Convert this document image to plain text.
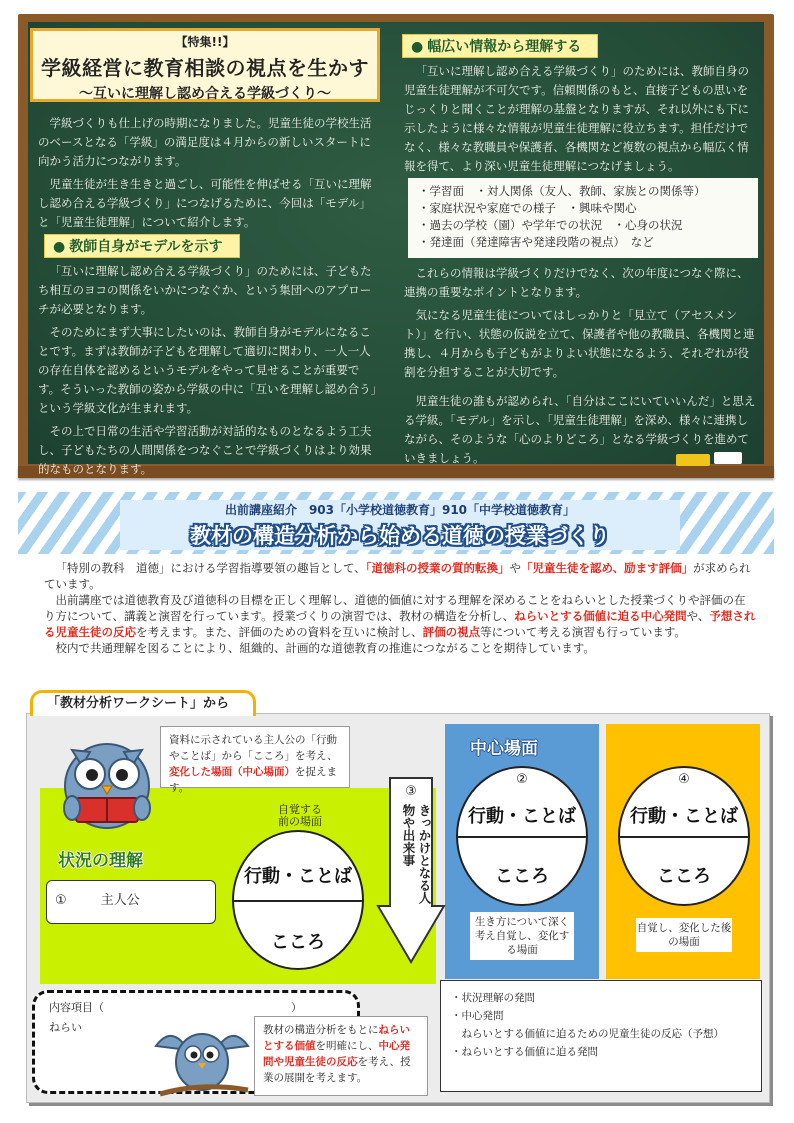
【特集!!】
学級経営に教育相談の視点を生かす
～互いに理解し認め合える学級づくり～

学級づくりも仕上げの時期になりました。児童生徒の学校生活のベースとなる「学級」の満足度は４月からの新しいスタートに向かう活力につながります。

児童生徒が生き生きと過ごし、可能性を伸ばせる「互いに理解し認め合える学級づくり」につなげるために、今回は「モデル」と「児童生徒理解」について紹介します。

● 教師自身がモデルを示す

「互いに理解し認め合える学級づくり」のためには、子どもたち相互のヨコの関係をいかにつなぐか、という集団へのアプローチが必要となります。

そのためにまず大事にしたいのは、教師自身がモデルになることです。まずは教師が子どもを理解して適切に関わり、一人一人の存在自体を認めるというモデルをやって見せることが重要です。そういった教師の姿から学級の中に「互いを理解し認め合う」という学級文化が生まれます。

その上で日常の生活や学習活動が対話的なものとなるよう工夫し、子どもたちの人間関係をつなぐことで学級づくりはより効果的なものとなります。

● 幅広い情報から理解する

「互いに理解し認め合える学級づくり」のためには、教師自身の児童生徒理解が不可欠です。信頼関係のもと、直接子どもの思いをじっくりと聞くことが理解の基盤となりますが、それ以外にも下に示したように様々な情報が児童生徒理解に役立ちます。担任だけでなく、様々な教職員や保護者、各機関など複数の視点から幅広く情報を得て、より深い児童生徒理解につなげましょう。

・学習面　・対人関係（友人、教師、家族との関係等）
・家庭状況や家庭での様子　・興味や関心
・過去の学校（園）や学年での状況　・心身の状況
・発達面（発達障害や発達段階の視点）　など

これらの情報は学級づくりだけでなく、次の年度につなぐ際に、連携の重要なポイントとなります。

気になる児童生徒についてはしっかりと「見立て（アセスメント）」を行い、状態の仮説を立て、保護者や他の教職員、各機関と連携し、４月からも子どもがよりよい状態になるよう、それぞれが役割を分担することが大切です。

児童生徒の誰もが認められ、「自分はここにいていいんだ」と思える学級。「モデル」を示し、「児童生徒理解」を深め、様々に連携しながら、そのような「心のよりどころ」となる学級づくりを進めていきましょう。

出前講座紹介　903「小学校道徳教育」910「中学校道徳教育」
教材の構造分析から始める道徳の授業づくり

「特別の教科　道徳」における学習指導要領の趣旨として、「道徳科の授業の質的転換」や「児童生徒を認め、励ます評価」が求められています。

出前講座では道徳教育及び道徳科の目標を正しく理解し、道徳的価値に対する理解を深めることをねらいとした授業づくりや評価の在り方について、講義と演習を行っています。授業づくりの演習では、教材の構造を分析し、ねらいとする価値に迫る中心発問や、予想される児童生徒の反応を考えます。また、評価のための資料を互いに検討し、評価の視点等について考える演習も行っています。

校内で共通理解を図ることにより、組織的、計画的な道徳教育の推進につながることを期待しています。

「教材分析ワークシート」から
資料に示されている主人公の「行動やことば」から「こころ」を考え、変化した場面（中心場面）を捉えます。
状況の理解
①	主人公
自覚する
前の場面
行動・ことば
こころ
③
きっかけとなる人物や出来事
中心場面
②
行動・ことば
こころ
生き方について深く考え自覚し、変化する場面
④
行動・ことば
こころ
自覚し、変化した後の場面
内容項目（　　　　　　　　　　　　　　　　　）
ねらい	教材の構造分析をもとにねらいとする価値を明確にし、中心発問や児童生徒の反応を考え、授業の展開を考えます。
・状況理解の発問
・中心発問
　ねらいとする価値に迫るための児童生徒の反応（予想）
・ねらいとする価値に迫る発問
